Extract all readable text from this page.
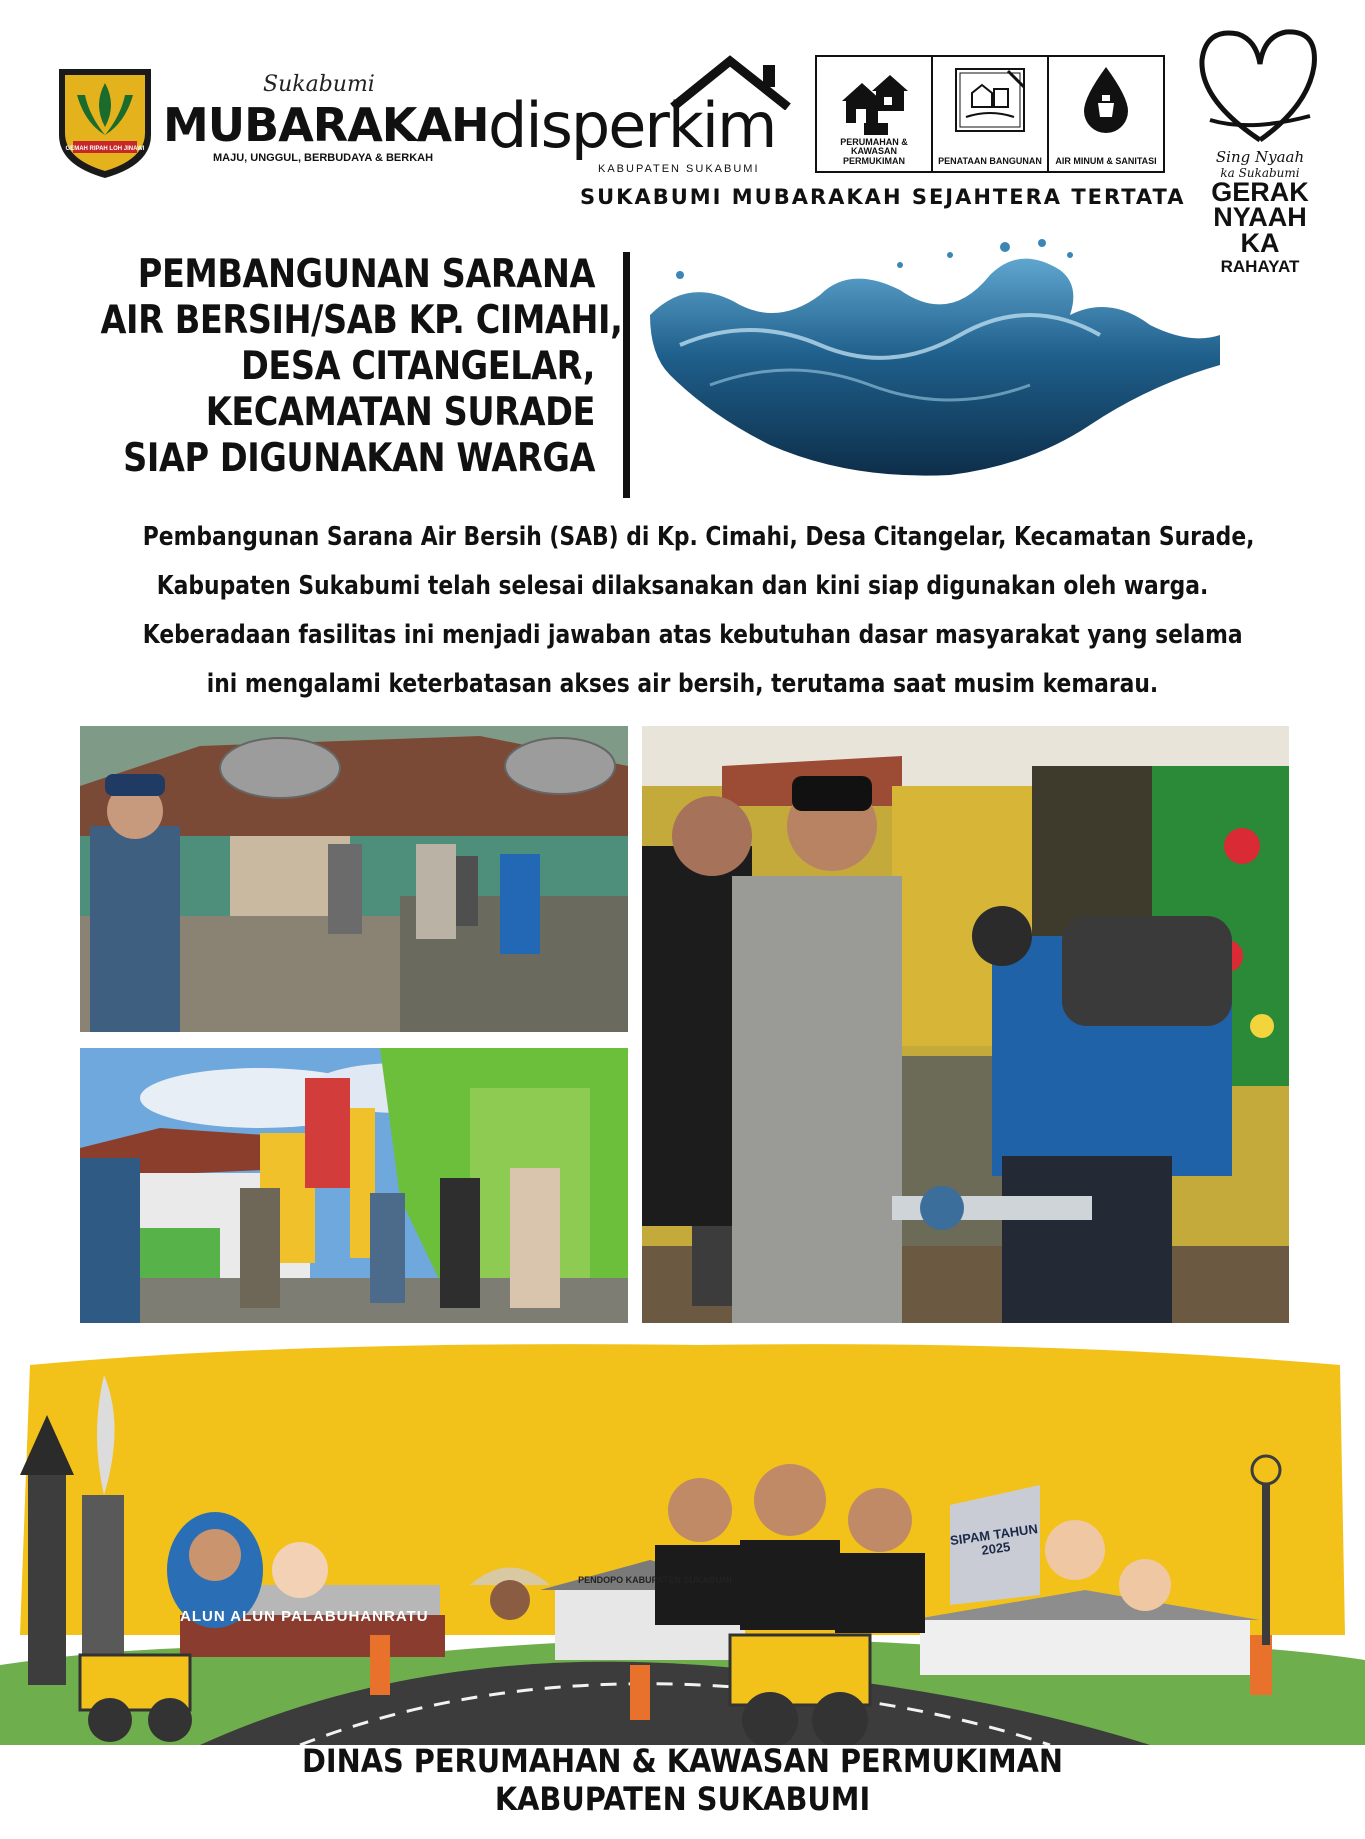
GEMAH RIPAH LOH JINAWI
Sukabumi
MUBARAKAH
MAJU, UNGGUL, BERBUDAYA & BERKAH disperkim
KABUPATEN SUKABUMI
PERUMAHAN & KAWASAN PERMUKIMAN	PENATAAN BANGUNAN AIR MINUM & SANITASI
SUKABUMI MUBARAKAH SEJAHTERA TERTATA
Sing Nyaah
ka Sukabumi
GERAK
NYAAH
KA
RAHAYAT
PEMBANGUNAN SARANA
AIR BERSIH/SAB KP. CIMAHI,
DESA CITANGELAR,
KECAMATAN SURADE
SIAP DIGUNAKAN WARGA

Pembangunan Sarana Air Bersih (SAB) di Kp. Cimahi, Desa Citangelar, Kecamatan Surade,

Kabupaten Sukabumi telah selesai dilaksanakan dan kini siap digunakan oleh warga.

Keberadaan fasilitas ini menjadi jawaban atas kebutuhan dasar masyarakat yang selama

ini mengalami keterbatasan akses air bersih, terutama saat musim kemarau.

ALUN ALUN PALABUHANRATU
PENDOPO KABUPATEN SUKABUMI
SIPAM TAHUN 2025
DINAS PERUMAHAN & KAWASAN PERMUKIMAN
KABUPATEN SUKABUMI
